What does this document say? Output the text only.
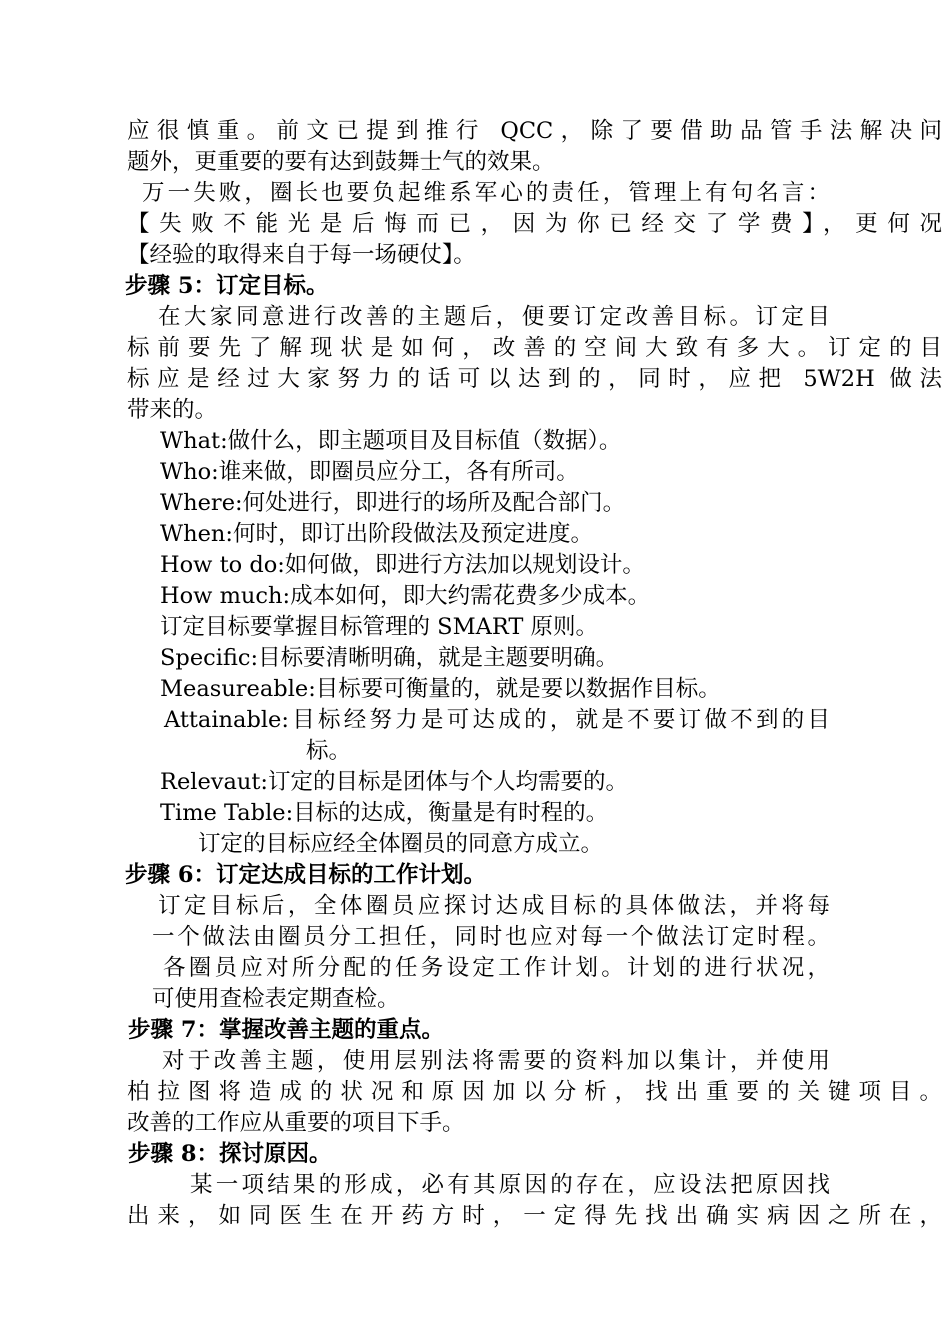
应很慎重。前文已提到推行 QCC，除了要借助品管手法解决问
题外，更重要的要有达到鼓舞士气的效果。
万一失败，圈长也要负起维系军心的责任，管理上有句名言：
【失败不能光是后悔而已，因为你已经交了学费】，更何况
【经验的取得来自于每一场硬仗】。
步骤 5：订定目标。
在大家同意进行改善的主题后，便要订定改善目标。订定目
标前要先了解现状是如何，改善的空间大致有多大。订定的目
标应是经过大家努力的话可以达到的，同时，应把 5W2H 做法
带来的。
What:做什么，即主题项目及目标值（数据）。
Who:谁来做，即圈员应分工，各有所司。
Where:何处进行，即进行的场所及配合部门。
When:何时，即订出阶段做法及预定进度。
How to do:如何做，即进行方法加以规划设计。
How much:成本如何，即大约需花费多少成本。
订定目标要掌握目标管理的 SMART 原则。
Specific:目标要清晰明确，就是主题要明确。
Measureable:目标要可衡量的，就是要以数据作目标。
Attainable:目标经努力是可达成的，就是不要订做不到的目
标。
Relevaut:订定的目标是团体与个人均需要的。
Time Table:目标的达成，衡量是有时程的。
订定的目标应经全体圈员的同意方成立。
步骤 6：订定达成目标的工作计划。
订定目标后，全体圈员应探讨达成目标的具体做法，并将每
一个做法由圈员分工担任，同时也应对每一个做法订定时程。
各圈员应对所分配的任务设定工作计划。计划的进行状况，
可使用查检表定期查检。
步骤 7：掌握改善主题的重点。
对于改善主题，使用层别法将需要的资料加以集计，并使用
柏拉图将造成的状况和原因加以分析，找出重要的关键项目。
改善的工作应从重要的项目下手。
步骤 8：探讨原因。
某一项结果的形成，必有其原因的存在，应设法把原因找
出来，如同医生在开药方时，一定得先找出确实病因之所在，
